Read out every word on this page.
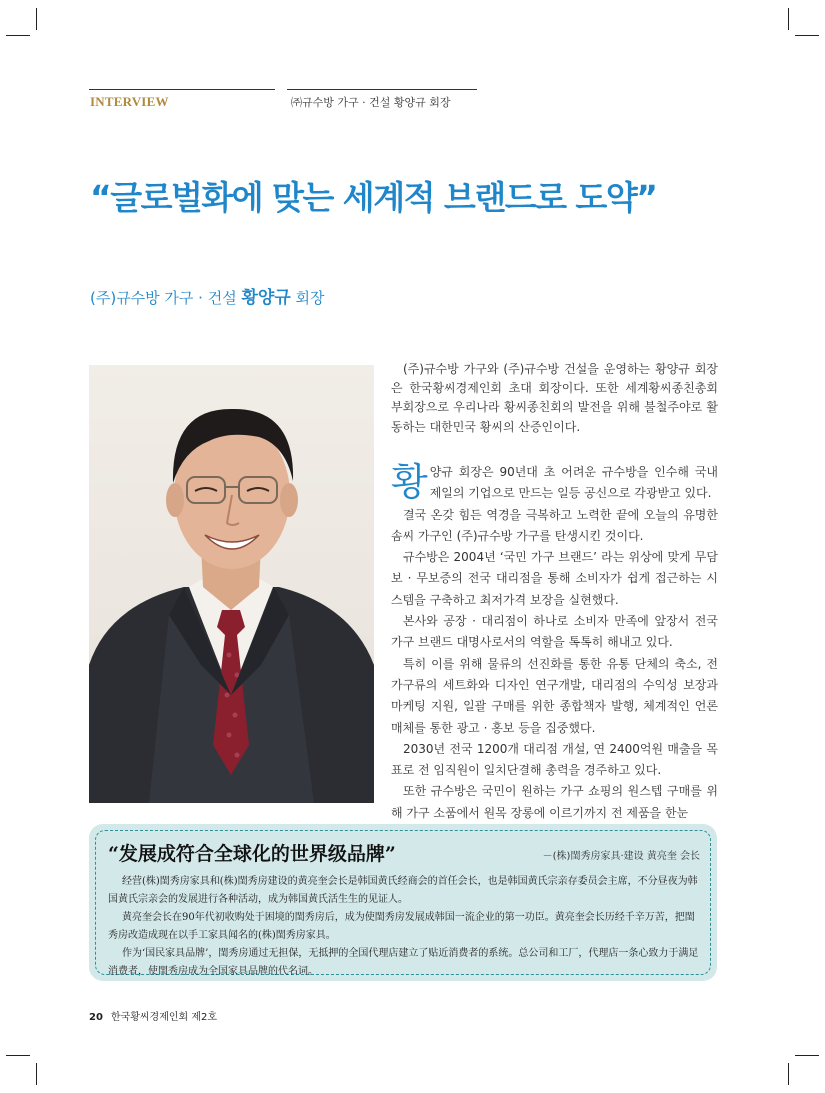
INTERVIEW	㈜규수방 가구 · 건설 황양규 회장
“글로벌화에 맞는 세계적 브랜드로 도약”
(주)규수방 가구 · 건설 황양규 회장

(주)규수방 가구와 (주)규수방 건설을 운영하는 황양규 회장은 한국황씨경제인회 초대 회장이다. 또한 세계황씨종친총회 부회장으로 우리나라 황씨종친회의 발전을 위해 불철주야로 활동하는 대한민국 황씨의 산증인이다.

황양규 회장은 90년대 초 어려운 규수방을 인수해 국내 제일의 기업으로 만드는 일등 공신으로 각광받고 있다.

결국 온갖 힘든 역경을 극복하고 노력한 끝에 오늘의 유명한 솜씨 가구인 (주)규수방 가구를 탄생시킨 것이다.

규수방은 2004년 ‘국민 가구 브랜드’ 라는 위상에 맞게 무담보 · 무보증의 전국 대리점을 통해 소비자가 쉽게 접근하는 시스템을 구축하고 최저가격 보장을 실현했다.

본사와 공장 · 대리점이 하나로 소비자 만족에 앞장서 전국 가구 브랜드 대명사로서의 역할을 톡톡히 해내고 있다.

특히 이를 위해 물류의 선진화를 통한 유통 단체의 축소, 전 가구류의 세트화와 디자인 연구개발, 대리점의 수익성 보장과 마케팅 지원, 일괄 구매를 위한 종합책자 발행, 체계적인 언론매체를 통한 광고 · 홍보 등을 집중했다.

2030년 전국 1200개 대리점 개설, 연 2400억원 매출을 목표로 전 임직원이 일치단결해 총력을 경주하고 있다.

또한 규수방은 국민이 원하는 가구 쇼핑의 원스텝 구매를 위해 가구 소품에서 원목 장롱에 이르기까지 전 제품을 한눈

“发展成符合全球化的世界级品牌”	－(株)閨秀房家具·建设 黄亮奎 会长

经营(株)閨秀房家具和(株)閨秀房建设的黄亮奎会长是韩国黄氏经商会的首任会长，也是韩国黄氏宗亲存委员会主席，不分昼夜为韩国黄氏宗亲会的发展进行各种活动，成为韩国黄氏活生生的见证人。

黄亮奎会长在90年代初收购处于困境的閨秀房后，成为使閨秀房发展成韩国一流企业的第一功臣。黄亮奎会长历经千辛万苦，把閨秀房改造成现在以手工家具闻名的(株)閨秀房家具。

作为‘国民家具品牌’，閨秀房通过无担保，无抵押的全国代理店建立了贴近消费者的系统。总公司和工厂，代理店一条心致力于满足消费者，使閨秀房成为全国家具品牌的代名词。

20 한국황씨경제인회 제2호
